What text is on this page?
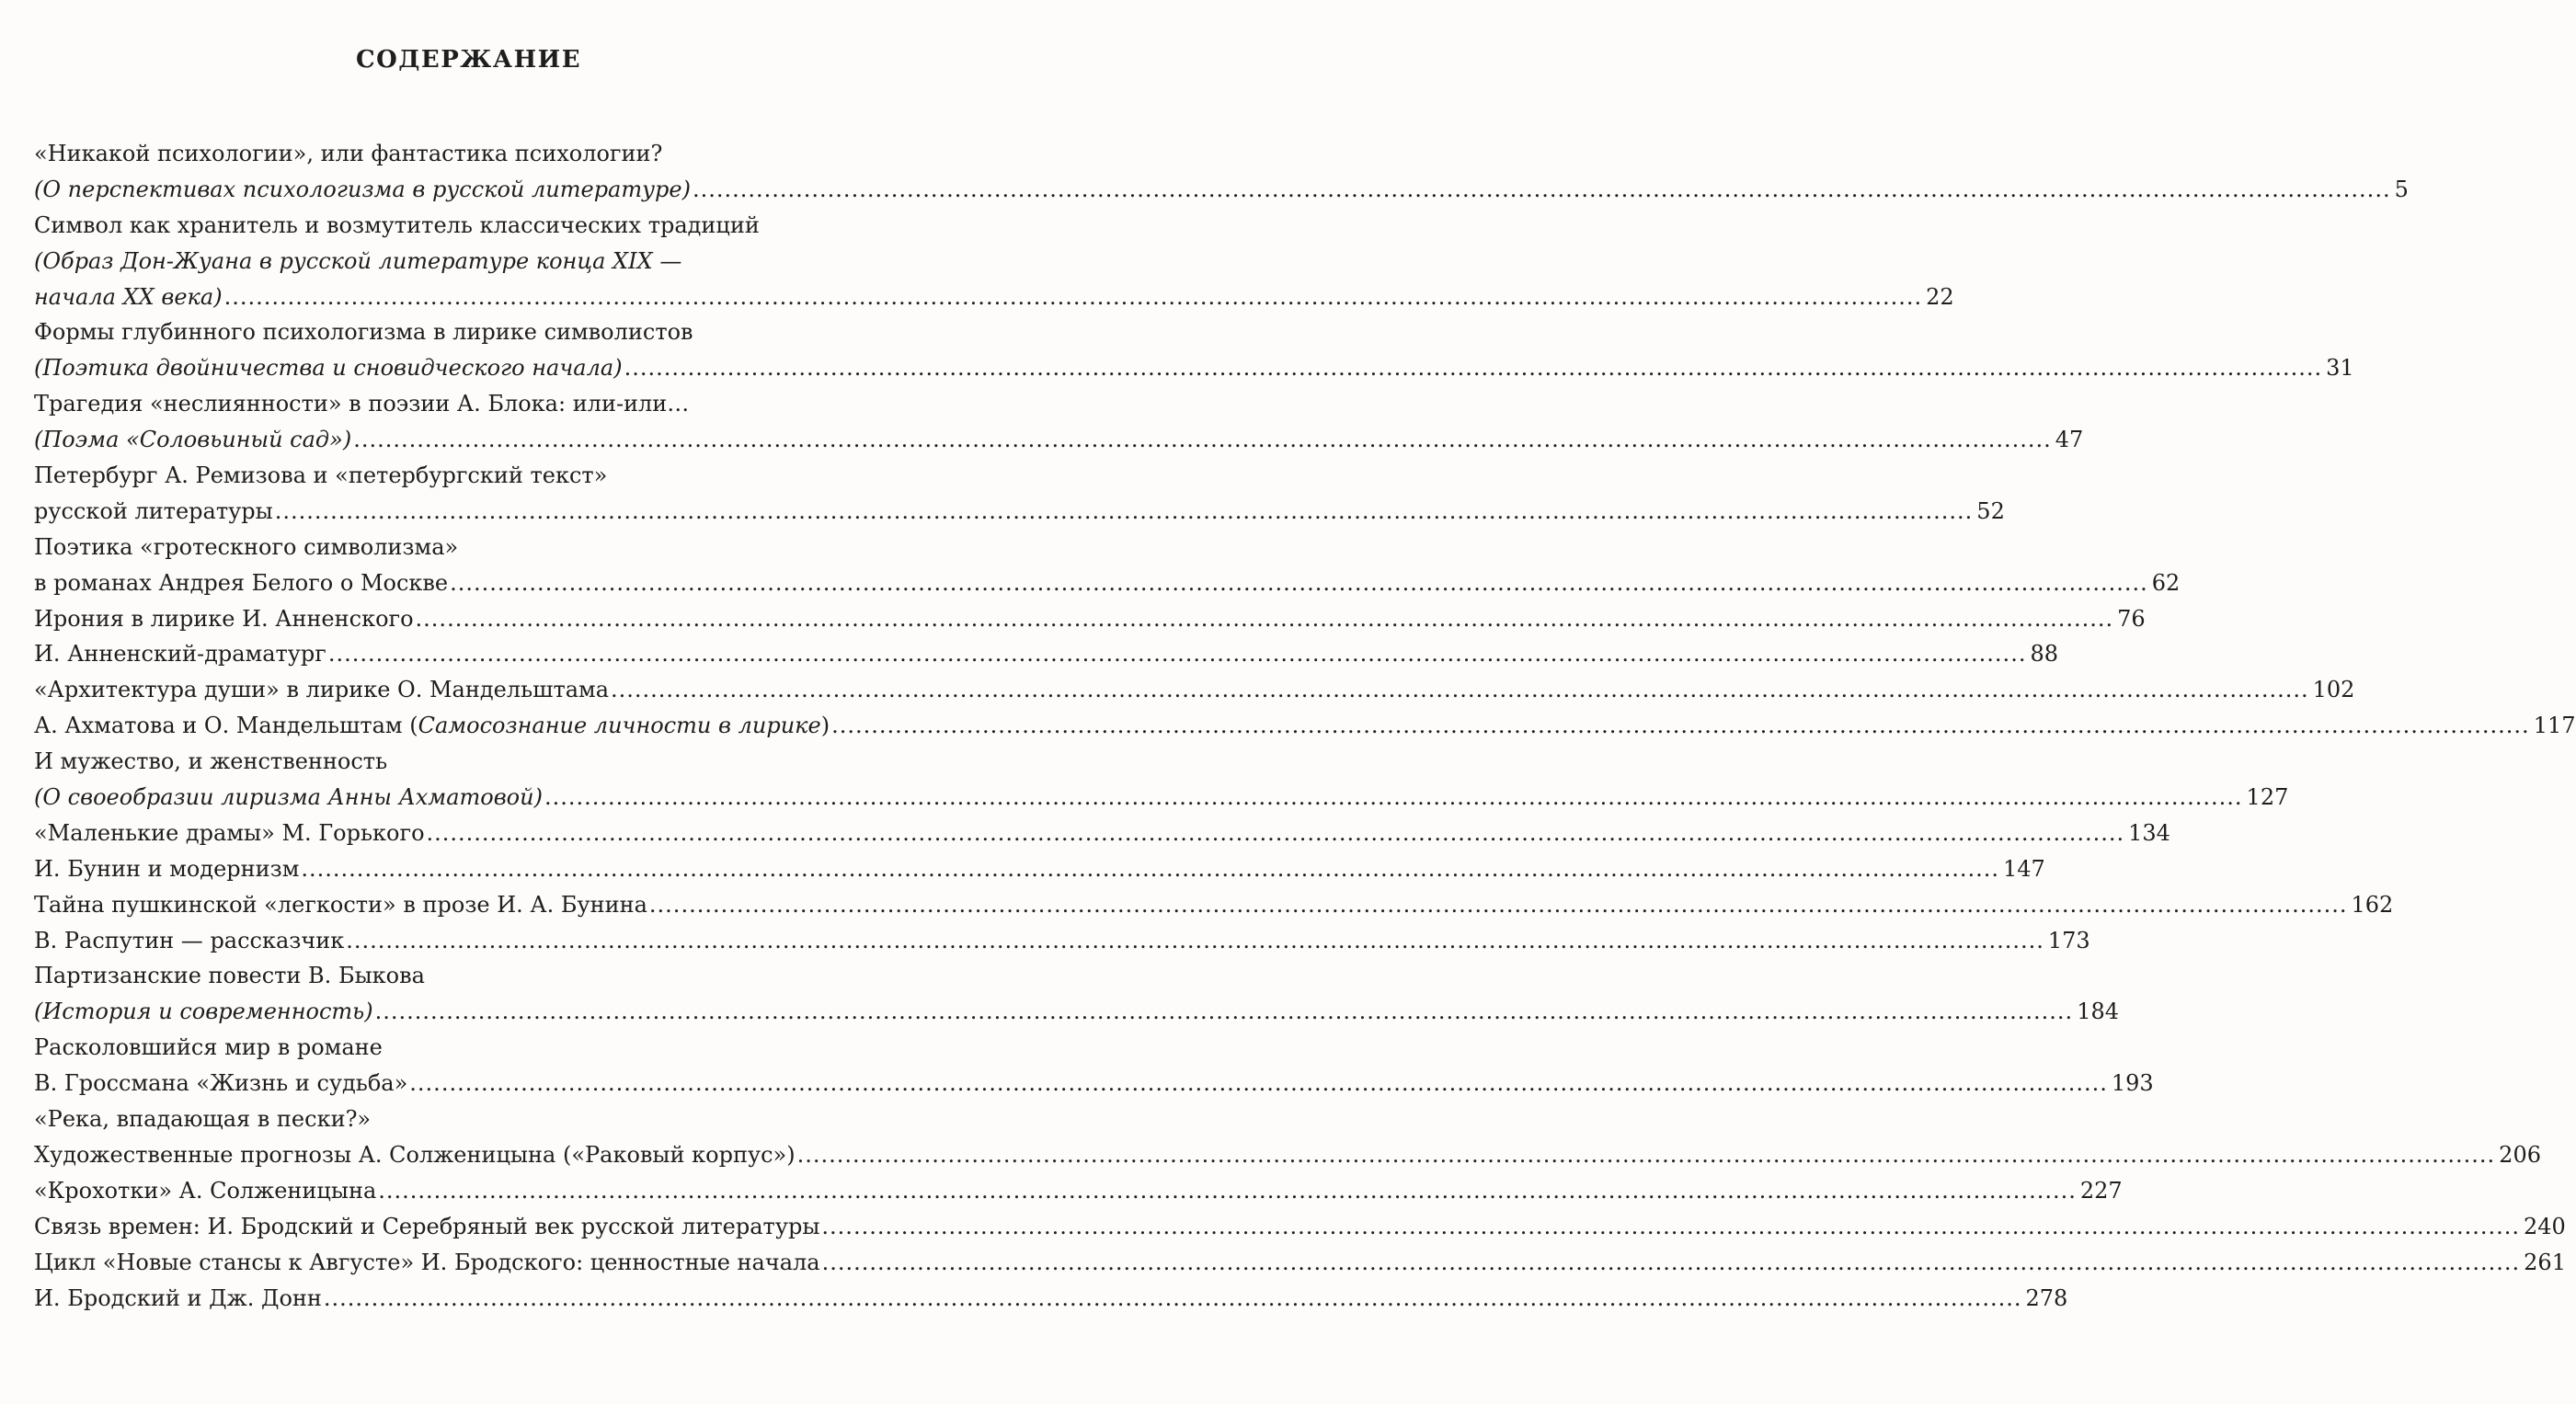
СОДЕРЖАНИЕ
«Никакой психологии», или фантастика психологии?
(О перспективах психологизма в русской литературе) .....	5
Символ как хранитель и возмутитель классических традиций
(Образ Дон-Жуана в русской литературе конца XIX —
начала XX века) .....	22
Формы глубинного психологизма в лирике символистов
(Поэтика двойничества и сновидческого начала) .....	31
Трагедия «неслиянности» в поэзии А. Блока: или-или…
(Поэма «Соловьиный сад») .....	47
Петербург А. Ремизова и «петербургский текст»
русской литературы .....	52
Поэтика «гротескного символизма»
в романах Андрея Белого о Москве .....	62
Ирония в лирике И. Анненского .....	76
И. Анненский-драматург .....	88
«Архитектура души» в лирике О. Мандельштама .....	102
А. Ахматова и О. Мандельштам (Самосознание личности в лирике) .....	117
И мужество, и женственность
(О своеобразии лиризма Анны Ахматовой) .....	127
«Маленькие драмы» М. Горького .....	134
И. Бунин и модернизм .....	147
Тайна пушкинской «легкости» в прозе И. А. Бунина .....	162
В. Распутин — рассказчик .....	173
Партизанские повести В. Быкова
(История и современность) .....	184
Расколовшийся мир в романе
В. Гроссмана «Жизнь и судьба» .....	193
«Река, впадающая в пески?»
Художественные прогнозы А. Солженицына («Раковый корпус») .....	206
«Крохотки» А. Солженицына .....	227
Связь времен: И. Бродский и Серебряный век русской литературы .....	240
Цикл «Новые стансы к Августе» И. Бродского: ценностные начала .....	261
И. Бродский и Дж. Донн .....	278
